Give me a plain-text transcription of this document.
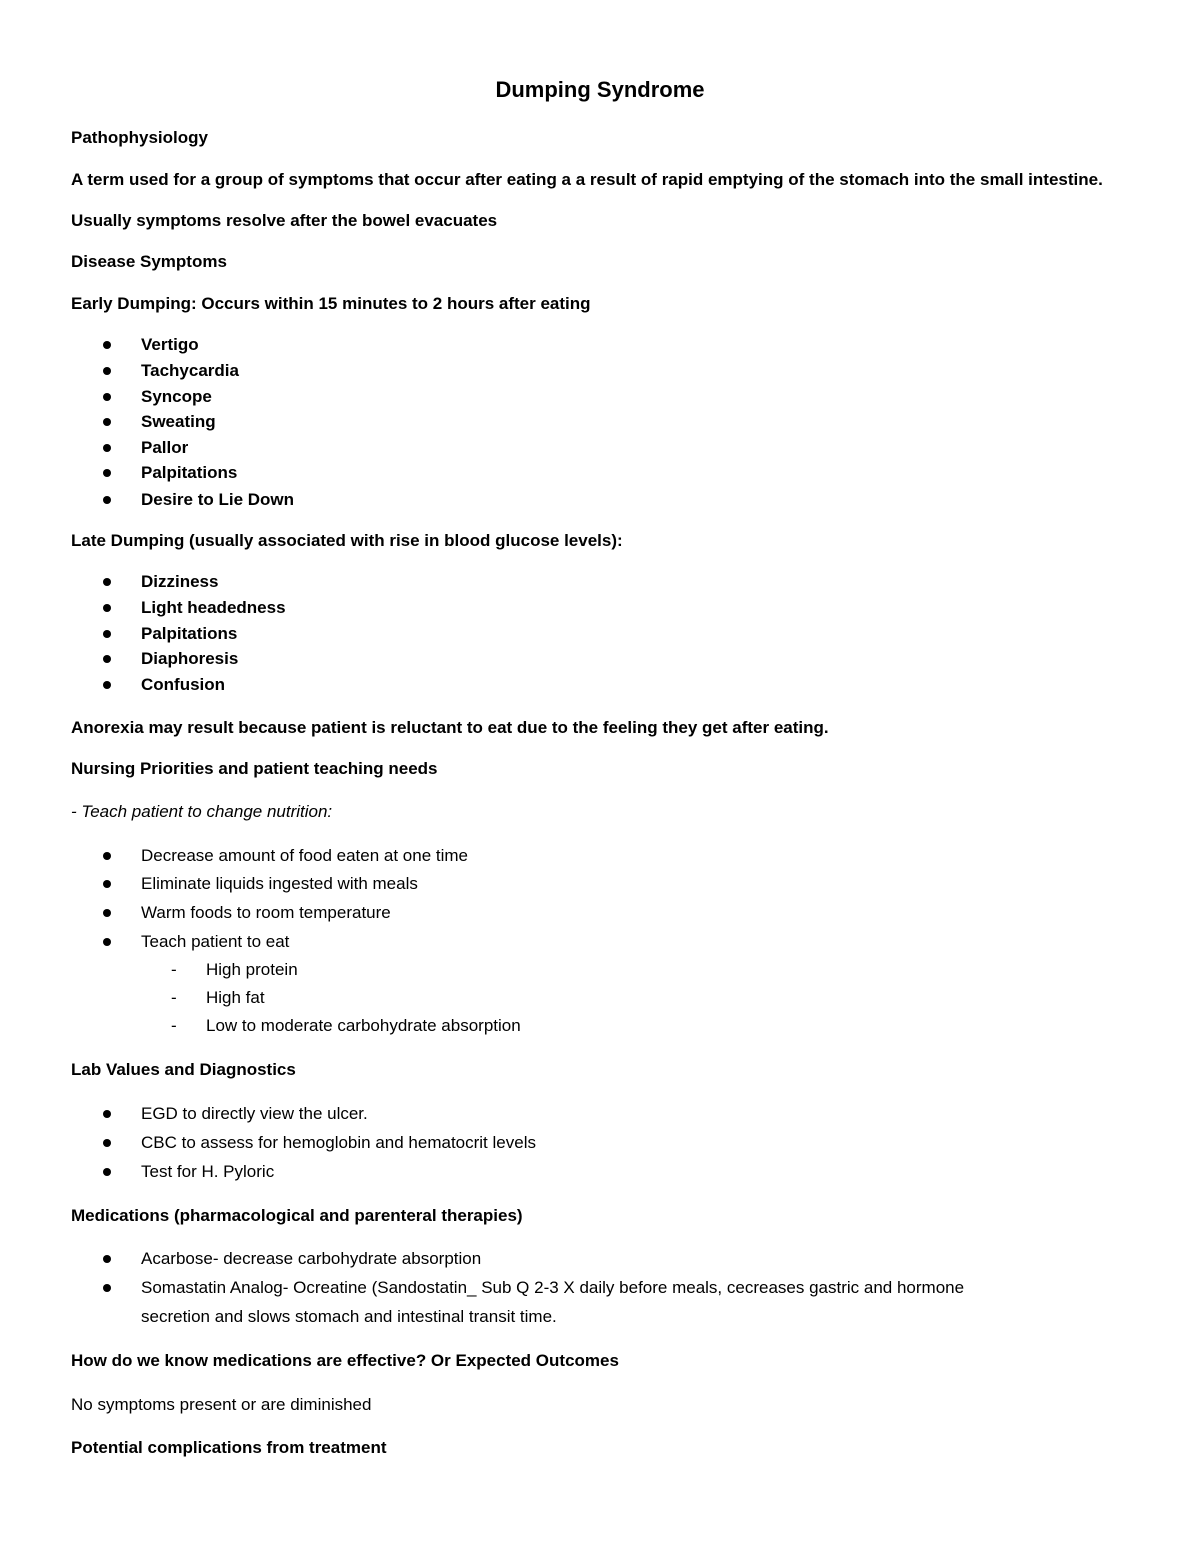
Dumping Syndrome
Pathophysiology
A term used for a group of symptoms that occur after eating a a result of rapid emptying of the stomach into the small intestine.
Usually symptoms resolve after the bowel evacuates
Disease Symptoms
Early Dumping: Occurs within 15 minutes to 2 hours after eating
Vertigo
Tachycardia
Syncope
Sweating
Pallor
Palpitations
Desire to Lie Down
Late Dumping (usually associated with rise in blood glucose levels):
Dizziness
Light headedness
Palpitations
Diaphoresis
Confusion
Anorexia may result because patient is reluctant to eat due to the feeling they get after eating.
Nursing Priorities and patient teaching needs
- Teach patient to change nutrition:
Decrease amount of food eaten at one time
Eliminate liquids ingested with meals
Warm foods to room temperature
Teach patient to eat
- High protein
- High fat
- Low to moderate carbohydrate absorption
Lab Values and Diagnostics
EGD to directly view the ulcer.
CBC to assess for hemoglobin and hematocrit levels
Test for H. Pyloric
Medications (pharmacological and parenteral therapies)
Acarbose- decrease carbohydrate absorption
Somastatin Analog- Ocreatine (Sandostatin_ Sub Q 2-3 X daily before meals, cecreases gastric and hormone
secretion and slows stomach and intestinal transit time.
How do we know medications are effective? Or Expected Outcomes
No symptoms present or are diminished
Potential complications from treatment
